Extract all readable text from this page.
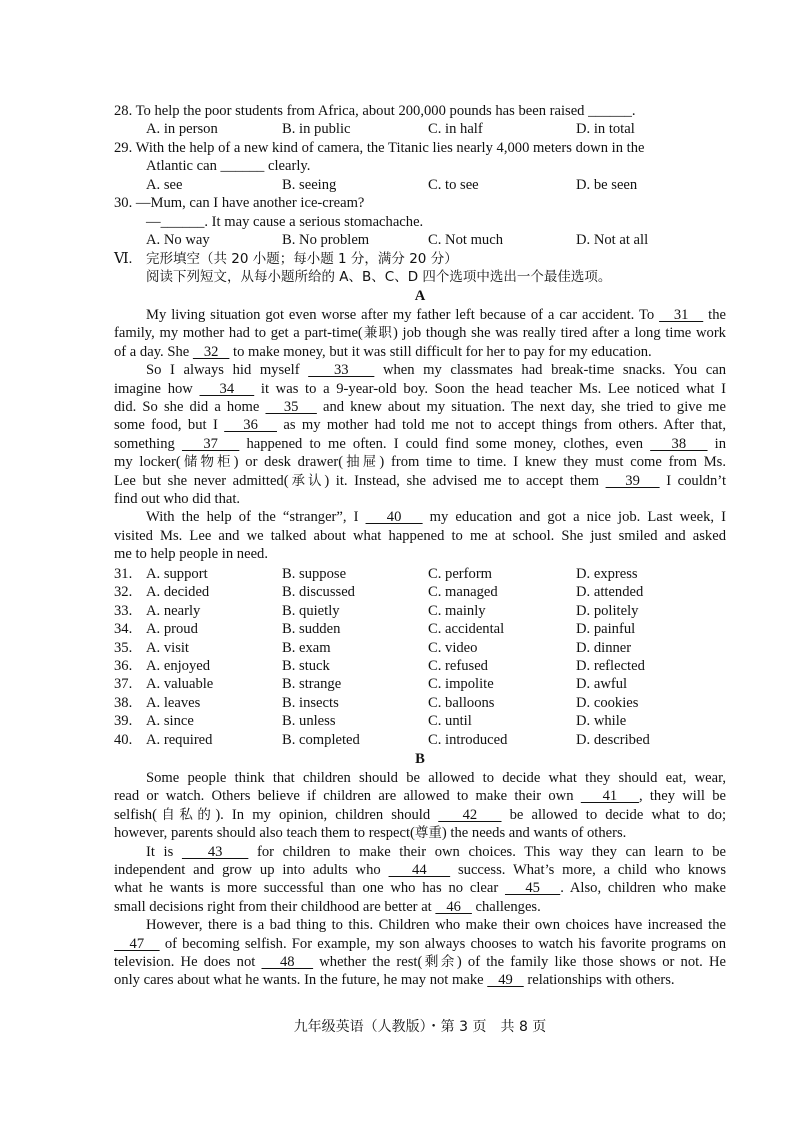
28. To help the poor students from Africa, about 200,000 pounds has been raised ______.
A. in person	B. in public	C. in half	D. in total
29. With the help of a new kind of camera, the Titanic lies nearly 4,000 meters down in the
Atlantic can ______ clearly.
A. see	B. seeing	C. to see	D. be seen
30. —Mum, can I have another ice-cream?
—______. It may cause a serious stomachache.
A. No way	B. No problem	C. Not much	D. Not at all
Ⅵ. 完形填空（共 20 小题；每小题 1 分，满分 20 分）
阅读下列短文，从每小题所给的 A、B、C、D 四个选项中选出一个最佳选项。
A
My living situation got even worse after my father left because of a car accident. To    31    the
family, my mother had to get a part-time(兼职) job though she was really tired after a long time work
of a day. She    32    to make money, but it was still difficult for her to pay for my education.
So I always hid myself    33    when my classmates had break-time snacks. You can
imagine how    34    it was to a 9-year-old boy. Soon the head teacher Ms. Lee noticed what I
did. So she did a home    35    and knew about my situation. The next day, she tried to give me
some food, but I    36    as my mother had told me not to accept things from others. After that,
something    37    happened to me often. I could find some money, clothes, even    38    in
my locker(储物柜) or desk drawer(抽屉) from time to time. I knew they must come from Ms.
Lee but she never admitted(承认) it. Instead, she advised me to accept them    39    I couldn’t
find out who did that.
With the help of the “stranger”, I    40    my education and got a nice job. Last week, I
visited Ms. Lee and we talked about what happened to me at school. She just smiled and asked
me to help people in need.
31. A. support	B. suppose	C. perform	D. express
32. A. decided	B. discussed	C. managed	D. attended
33. A. nearly	B. quietly	C. mainly	D. politely
34. A. proud	B. sudden	C. accidental	D. painful
35. A. visit	B. exam	C. video	D. dinner
36. A. enjoyed	B. stuck	C. refused	D. reflected
37. A. valuable	B. strange	C. impolite	D. awful
38. A. leaves	B. insects	C. balloons	D. cookies
39. A. since	B. unless	C. until	D. while
40. A. required	B. completed	C. introduced	D. described
B
Some people think that children should be allowed to decide what they should eat, wear,
read or watch. Others believe if children are allowed to make their own    41   , they will be
selfish(自私的). In my opinion, children should    42    be allowed to decide what to do;
however, parents should also teach them to respect(尊重) the needs and wants of others.
It is    43    for children to make their own choices. This way they can learn to be
independent and grow up into adults who    44    success. What’s more, a child who knows
what he wants is more successful than one who has no clear    45   . Also, children who make
small decisions right from their childhood are better at    46    challenges.
However, there is a bad thing to this. Children who make their own choices have increased the
47    of becoming selfish. For example, my son always chooses to watch his favorite programs on
television. He does not    48    whether the rest(剩余) of the family like those shows or not. He
only cares about what he wants. In the future, he may not make    49    relationships with others.
九年级英语（人教版）・第 3 页　共 8 页
